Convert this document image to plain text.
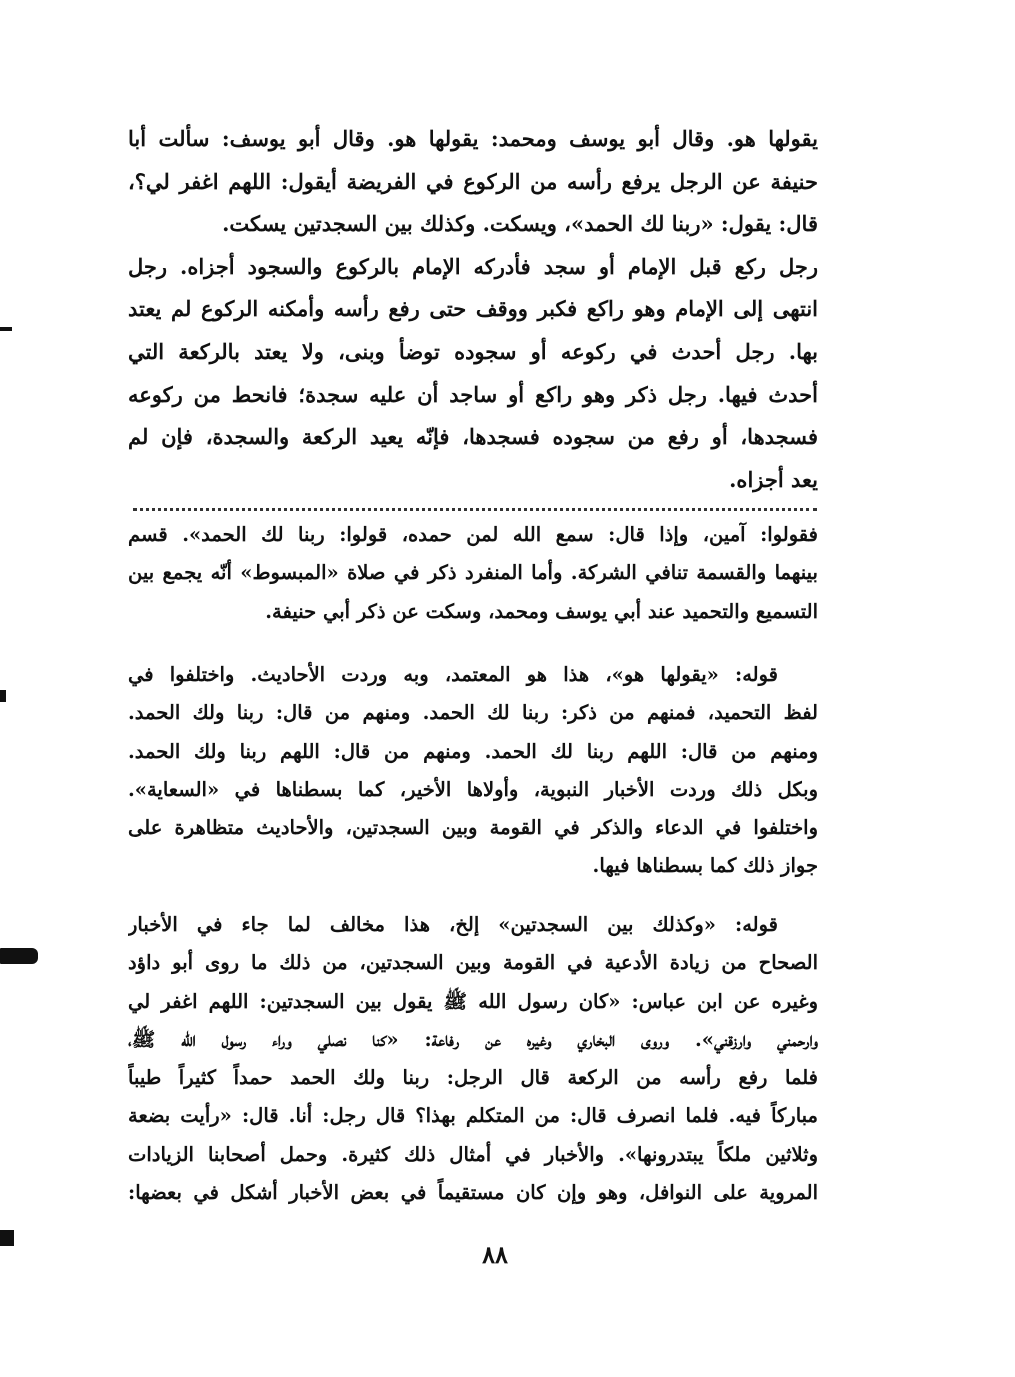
يقولها هو. وقال أبو يوسف ومحمد: يقولها هو. وقال أبو يوسف: سألت أبا
حنيفة عن الرجل يرفع رأسه من الركوع في الفريضة أيقول: اللهم اغفر لي؟،
قال: يقول: «ربنا لك الحمد»، ويسكت. وكذلك بين السجدتين يسكت.
رجل ركع قبل الإمام أو سجد فأدركه الإمام بالركوع والسجود أجزاه. رجل
انتهى إلى الإمام وهو راكع فكبر ووقف حتى رفع رأسه وأمكنه الركوع لم يعتد
بها. رجل أحدث في ركوعه أو سجوده توضأ وبنى، ولا يعتد بالركعة التي
أحدث فيها. رجل ذكر وهو راكع أو ساجد أن عليه سجدة؛ فانحط من ركوعه
فسجدها، أو رفع من سجوده فسجدها، فإنّه يعيد الركعة والسجدة، فإن لم
يعد أجزاه.
فقولوا: آمين، وإذا قال: سمع الله لمن حمده، قولوا: ربنا لك الحمد». قسم
بينهما والقسمة تنافي الشركة. وأما المنفرد ذكر في صلاة «المبسوط» أنّه يجمع بين
التسميع والتحميد عند أبي يوسف ومحمد، وسكت عن ذكر أبي حنيفة.
قوله: «يقولها هو»، هذا هو المعتمد، وبه وردت الأحاديث. واختلفوا في
لفظ التحميد، فمنهم من ذكر: ربنا لك الحمد. ومنهم من قال: ربنا ولك الحمد.
ومنهم من قال: اللهم ربنا لك الحمد. ومنهم من قال: اللهم ربنا ولك الحمد.
وبكل ذلك وردت الأخبار النبوية، وأولاها الأخير، كما بسطناها في «السعاية».
واختلفوا في الدعاء والذكر في القومة وبين السجدتين، والأحاديث متظاهرة على
جواز ذلك كما بسطناها فيها.
قوله: «وكذلك بين السجدتين» إلخ، هذا مخالف لما جاء في الأخبار
الصحاح من زيادة الأدعية في القومة وبين السجدتين، من ذلك ما روى أبو داؤد
وغيره عن ابن عباس: «كان رسول الله ﷺ يقول بين السجدتين: اللهم اغفر لي
وارحمني وارزقني». وروى البخاري وغيره عن رفاعة: «كنا نصلي وراء رسول الله ﷺ،
فلما رفع رأسه من الركعة قال الرجل: ربنا ولك الحمد حمداً كثيراً طيباً
مباركاً فيه. فلما انصرف قال: من المتكلم بهذا؟ قال رجل: أنا. قال: «رأيت بضعة
وثلاثين ملكاً يبتدرونها». والأخبار في أمثال ذلك كثيرة. وحمل أصحابنا الزيادات
المروية على النوافل، وهو وإن كان مستقيماً في بعض الأخبار أشكل في بعضها:
٨٨
